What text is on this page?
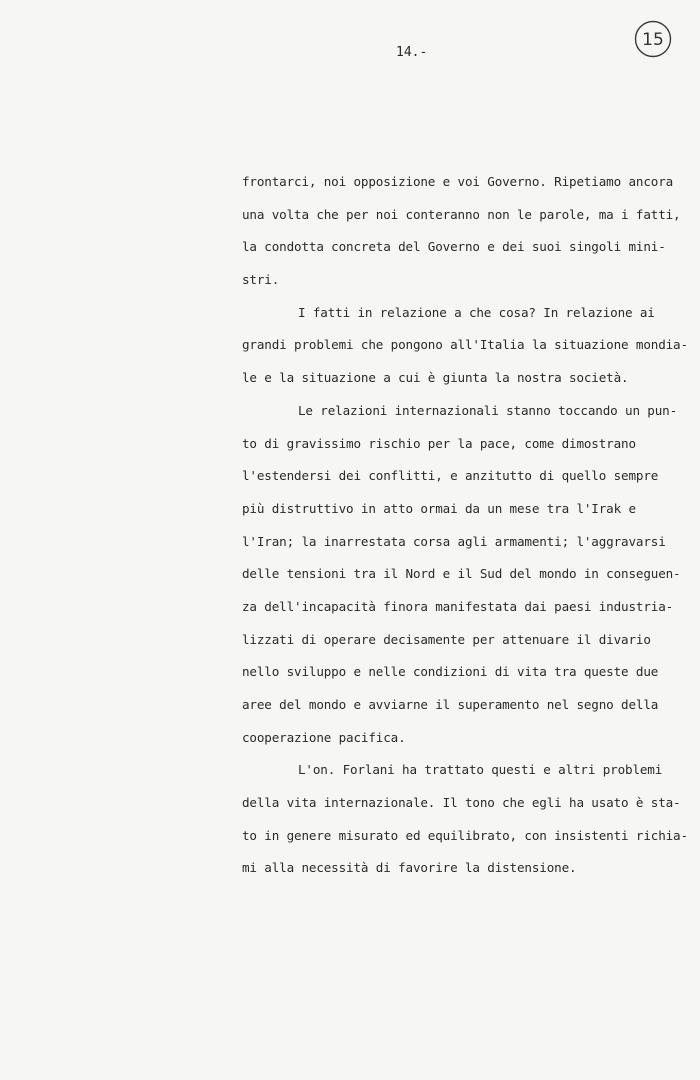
14.-
15
frontarci, noi opposizione e voi Governo. Ripetiamo ancora
una volta che per noi conteranno non le parole, ma i fatti,
la condotta concreta del Governo e dei suoi singoli mini-
stri.
I fatti in relazione a che cosa? In relazione ai
grandi problemi che pongono all'Italia la situazione mondia-
le e la situazione a cui è giunta la nostra società.
Le relazioni internazionali stanno toccando un pun-
to di gravissimo rischio per la pace, come dimostrano
l'estendersi dei conflitti, e anzitutto di quello sempre
più distruttivo in atto ormai da un mese tra l'Irak e
l'Iran; la inarrestata corsa agli armamenti; l'aggravarsi
delle tensioni tra il Nord e il Sud del mondo in conseguen-
za dell'incapacità finora manifestata dai paesi industria-
lizzati di operare decisamente per attenuare il divario
nello sviluppo e nelle condizioni di vita tra queste due
aree del mondo e avviarne il superamento nel segno della
cooperazione pacifica.
L'on. Forlani ha trattato questi e altri problemi
della vita internazionale. Il tono che egli ha usato è sta-
to in genere misurato ed equilibrato, con insistenti richia-
mi alla necessità di favorire la distensione.
